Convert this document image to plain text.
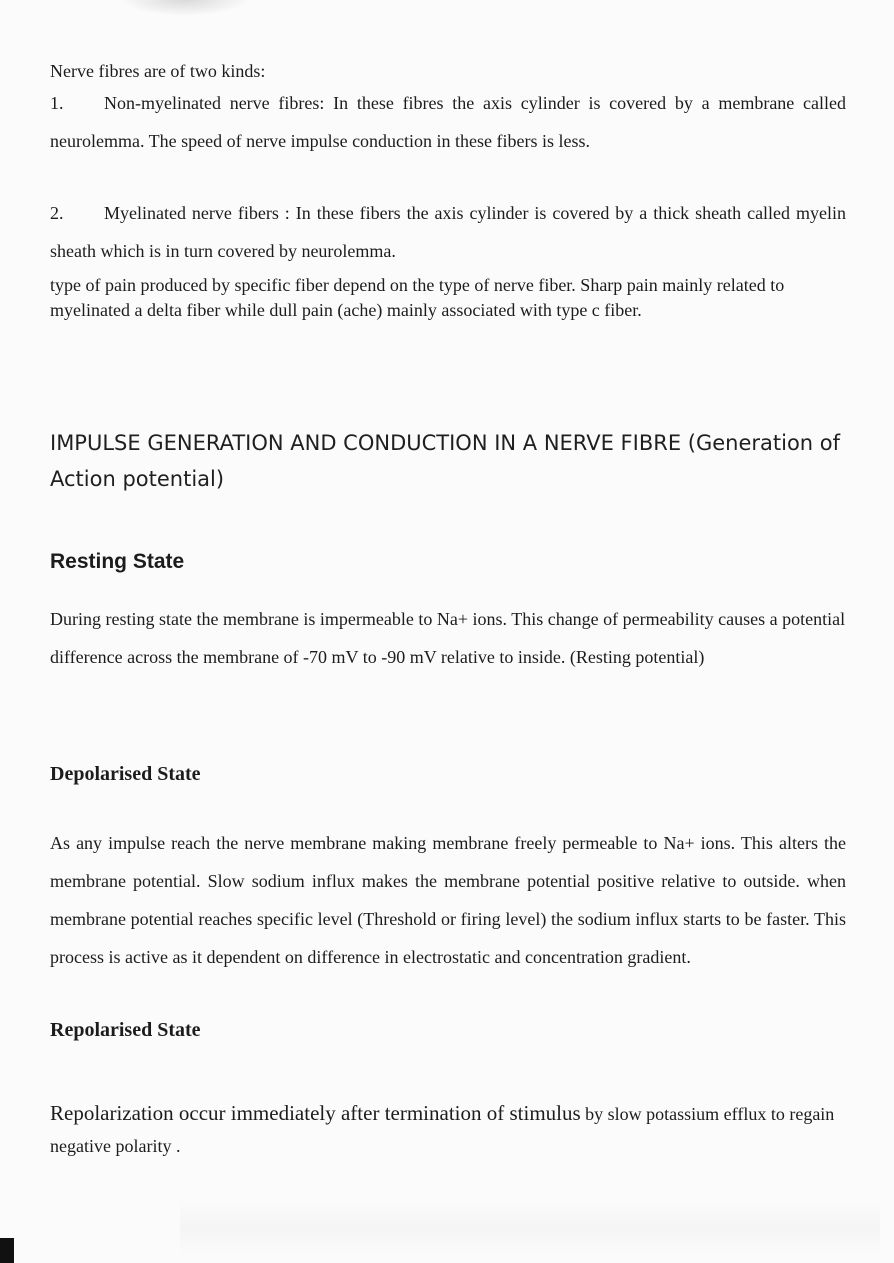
Nerve fibres are of two kinds:

1. Non-myelinated nerve fibres: In these fibres the axis cylinder is covered by a membrane called neurolemma. The speed of nerve impulse conduction in these fibers is less.

2. Myelinated nerve fibers : In these fibers the axis cylinder is covered by a thick sheath called myelin sheath which is in turn covered by neurolemma.

type of pain produced by specific fiber depend on the type of nerve fiber. Sharp pain mainly related to myelinated a delta fiber while dull pain (ache) mainly associated with type c fiber.

IMPULSE GENERATION AND CONDUCTION IN A NERVE FIBRE (Generation of Action potential)
Resting State

During resting state the membrane is impermeable to Na+ ions. This change of permeability causes a potential difference across the membrane of -70 mV to -90 mV relative to inside. (Resting potential)

Depolarised State

As any impulse reach the nerve membrane making membrane freely permeable to Na+ ions. This alters the membrane potential. Slow sodium influx makes the membrane potential positive relative to outside. when membrane potential reaches specific level (Threshold or firing level) the sodium influx starts to be faster. This process is active as it dependent on difference in electrostatic and concentration gradient.

Repolarised State

Repolarization occur immediately after termination of stimulus by slow potassium efflux to regain negative polarity .
